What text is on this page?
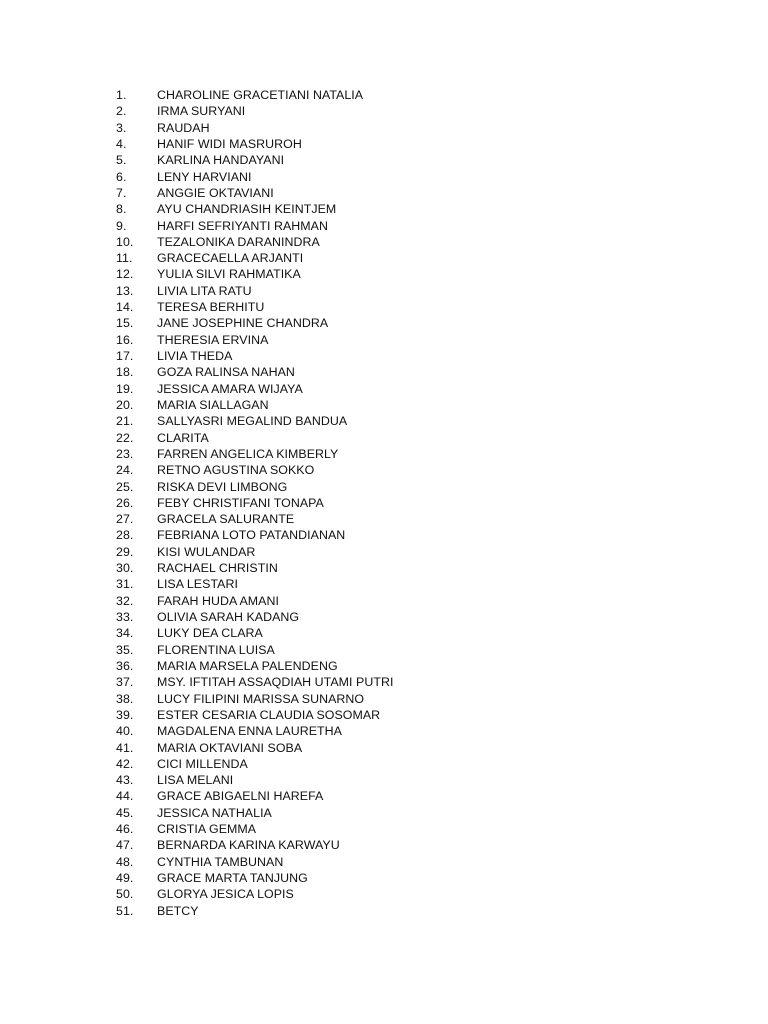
1. CHAROLINE GRACETIANI NATALIA
2. IRMA SURYANI
3. RAUDAH
4. HANIF WIDI MASRUROH
5. KARLINA HANDAYANI
6. LENY HARVIANI
7. ANGGIE OKTAVIANI
8. AYU CHANDRIASIH KEINTJEM
9. HARFI SEFRIYANTI RAHMAN
10. TEZALONIKA DARANINDRA
11. GRACECAELLA ARJANTI
12. YULIA SILVI RAHMATIKA
13. LIVIA LITA RATU
14. TERESA BERHITU
15. JANE JOSEPHINE CHANDRA
16. THERESIA ERVINA
17. LIVIA THEDA
18. GOZA RALINSA NAHAN
19. JESSICA AMARA WIJAYA
20. MARIA SIALLAGAN
21. SALLYASRI MEGALIND BANDUA
22. CLARITA
23. FARREN ANGELICA KIMBERLY
24. RETNO AGUSTINA SOKKO
25. RISKA DEVI LIMBONG
26. FEBY CHRISTIFANI TONAPA
27. GRACELA SALURANTE
28. FEBRIANA LOTO PATANDIANAN
29. KISI WULANDAR
30. RACHAEL CHRISTIN
31. LISA LESTARI
32. FARAH HUDA AMANI
33. OLIVIA SARAH KADANG
34. LUKY DEA CLARA
35. FLORENTINA LUISA
36. MARIA MARSELA PALENDENG
37. MSY. IFTITAH ASSAQDIAH UTAMI PUTRI
38. LUCY FILIPINI MARISSA SUNARNO
39. ESTER CESARIA CLAUDIA SOSOMAR
40. MAGDALENA ENNA LAURETHA
41. MARIA OKTAVIANI SOBA
42. CICI MILLENDA
43. LISA MELANI
44. GRACE ABIGAELNI HAREFA
45. JESSICA NATHALIA
46. CRISTIA GEMMA
47. BERNARDA KARINA KARWAYU
48. CYNTHIA TAMBUNAN
49. GRACE MARTA TANJUNG
50. GLORYA JESICA LOPIS
51. BETCY
